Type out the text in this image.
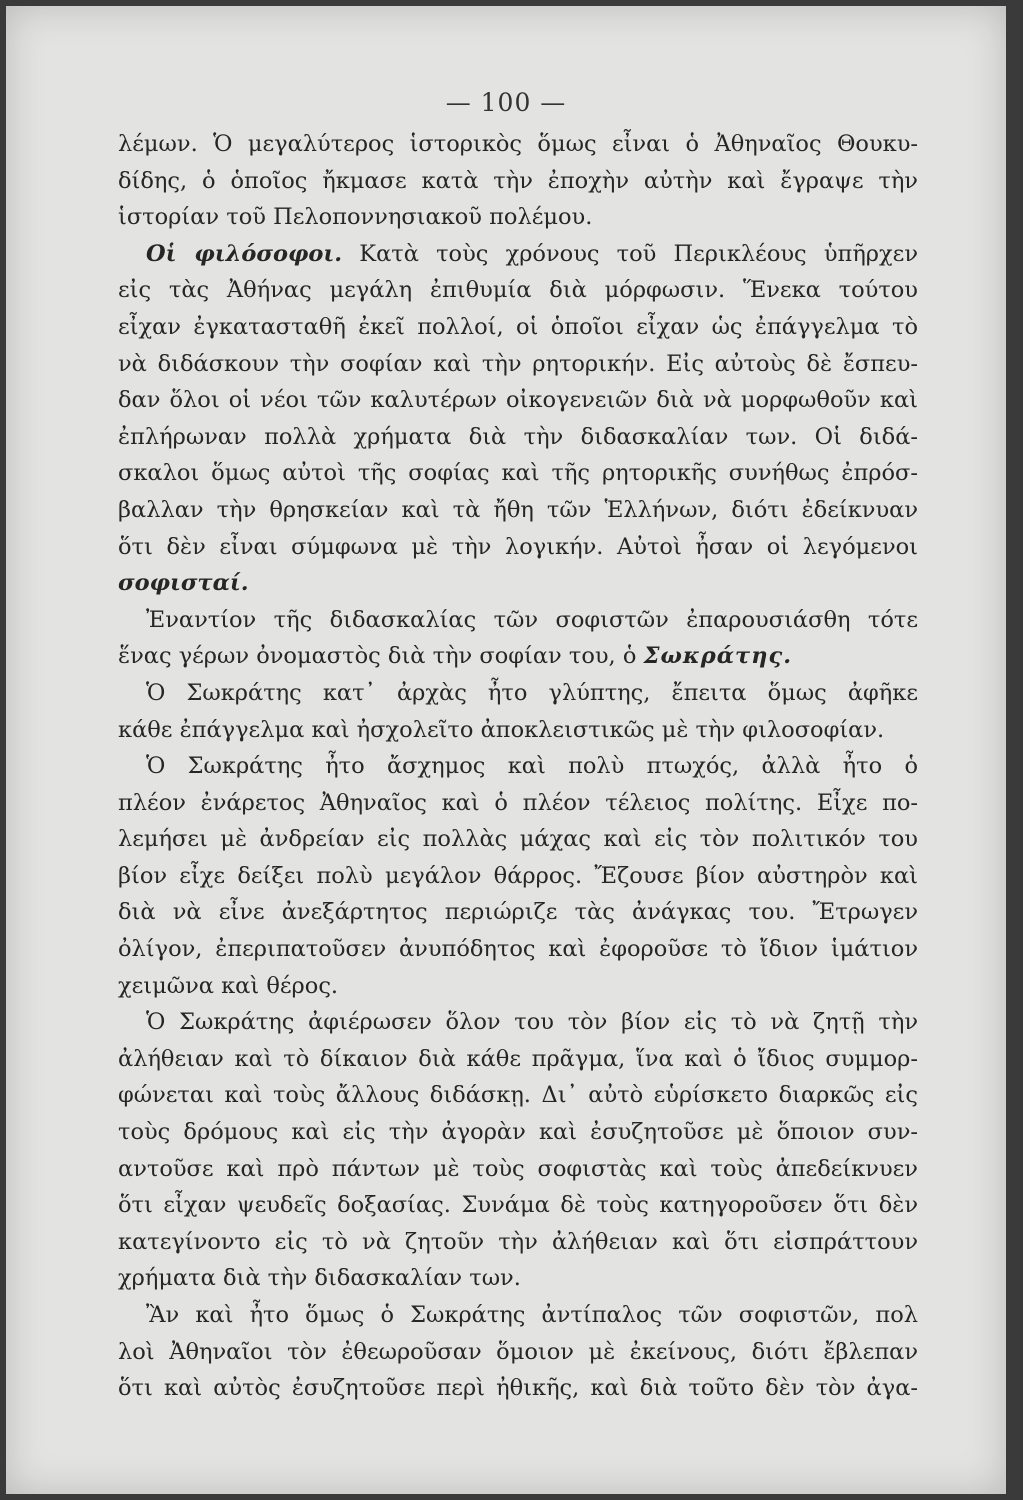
— 100 —
λέμων. Ὁ μεγαλύτερος ἱστορικὸς ὅμως εἶναι ὁ Ἀθηναῖος Θουκυ-
δίδης, ὁ ὁποῖος ἤκμασε κατὰ τὴν ἐποχὴν αὐτὴν καὶ ἔγραψε τὴν
ἱστορίαν τοῦ Πελοποννησιακοῦ πολέμου.
Οἱ φιλόσοφοι. Κατὰ τοὺς χρόνους τοῦ Περικλέους ὑπῆρχεν
εἰς τὰς Ἀθήνας μεγάλη ἐπιθυμία διὰ μόρφωσιν. Ἕνεκα τούτου
εἶχαν ἐγκατασταθῆ ἐκεῖ πολλοί, οἱ ὁποῖοι εἶχαν ὡς ἐπάγγελμα τὸ
νὰ διδάσκουν τὴν σοφίαν καὶ τὴν ρητορικήν. Εἰς αὐτοὺς δὲ ἔσπευ-
δαν ὅλοι οἱ νέοι τῶν καλυτέρων οἰκογενειῶν διὰ νὰ μορφωθοῦν καὶ
ἐπλήρωναν πολλὰ χρήματα διὰ τὴν διδασκαλίαν των. Οἱ διδά-
σκαλοι ὅμως αὐτοὶ τῆς σοφίας καὶ τῆς ρητορικῆς συνήθως ἐπρόσ-
βαλλαν τὴν θρησκείαν καὶ τὰ ἤθη τῶν Ἑλλήνων, διότι ἐδείκνυαν
ὅτι δὲν εἶναι σύμφωνα μὲ τὴν λογικήν. Αὐτοὶ ἦσαν οἱ λεγόμενοι
σοφισταί.
Ἐναντίον τῆς διδασκαλίας τῶν σοφιστῶν ἐπαρουσιάσθη τότε
ἕνας γέρων ὀνομαστὸς διὰ τὴν σοφίαν του, ὁ Σωκράτης.
Ὁ Σωκράτης κατ᾽ ἀρχὰς ἦτο γλύπτης, ἔπειτα ὅμως ἀφῆκε
κάθε ἐπάγγελμα καὶ ἠσχολεῖτο ἀποκλειστικῶς μὲ τὴν φιλοσοφίαν.
Ὁ Σωκράτης ἦτο ἄσχημος καὶ πολὺ πτωχός, ἀλλὰ ἦτο ὁ
πλέον ἐνάρετος Ἀθηναῖος καὶ ὁ πλέον τέλειος πολίτης. Εἶχε πο-
λεμήσει μὲ ἀνδρείαν εἰς πολλὰς μάχας καὶ εἰς τὸν πολιτικόν του
βίον εἶχε δείξει πολὺ μεγάλον θάρρος. Ἔζουσε βίον αὐστηρὸν καὶ
διὰ νὰ εἶνε ἀνεξάρτητος περιώριζε τὰς ἀνάγκας του. Ἔτρωγεν
ὀλίγον, ἐπεριπατοῦσεν ἀνυπόδητος καὶ ἐφοροῦσε τὸ ἴδιον ἱμάτιον
χειμῶνα καὶ θέρος.
Ὁ Σωκράτης ἀφιέρωσεν ὅλον του τὸν βίον εἰς τὸ νὰ ζητῇ τὴν
ἀλήθειαν καὶ τὸ δίκαιον διὰ κάθε πρᾶγμα, ἵνα καὶ ὁ ἴδιος συμμορ-
φώνεται καὶ τοὺς ἄλλους διδάσκῃ. Δι᾽ αὐτὸ εὑρίσκετο διαρκῶς εἰς
τοὺς δρόμους καὶ εἰς τὴν ἀγορὰν καὶ ἐσυζητοῦσε μὲ ὅποιον συν-
αντοῦσε καὶ πρὸ πάντων μὲ τοὺς σοφιστὰς καὶ τοὺς ἀπεδείκνυεν
ὅτι εἶχαν ψευδεῖς δοξασίας. Συνάμα δὲ τοὺς κατηγοροῦσεν ὅτι δὲν
κατεγίνοντο εἰς τὸ νὰ ζητοῦν τὴν ἀλήθειαν καὶ ὅτι εἰσπράττουν
χρήματα διὰ τὴν διδασκαλίαν των.
Ἂν καὶ ἦτο ὅμως ὁ Σωκράτης ἀντίπαλος τῶν σοφιστῶν, πολ
λοὶ Ἀθηναῖοι τὸν ἐθεωροῦσαν ὅμοιον μὲ ἐκείνους, διότι ἔβλεπαν
ὅτι καὶ αὐτὸς ἐσυζητοῦσε περὶ ἠθικῆς, καὶ διὰ τοῦτο δὲν τὸν ἀγα-
